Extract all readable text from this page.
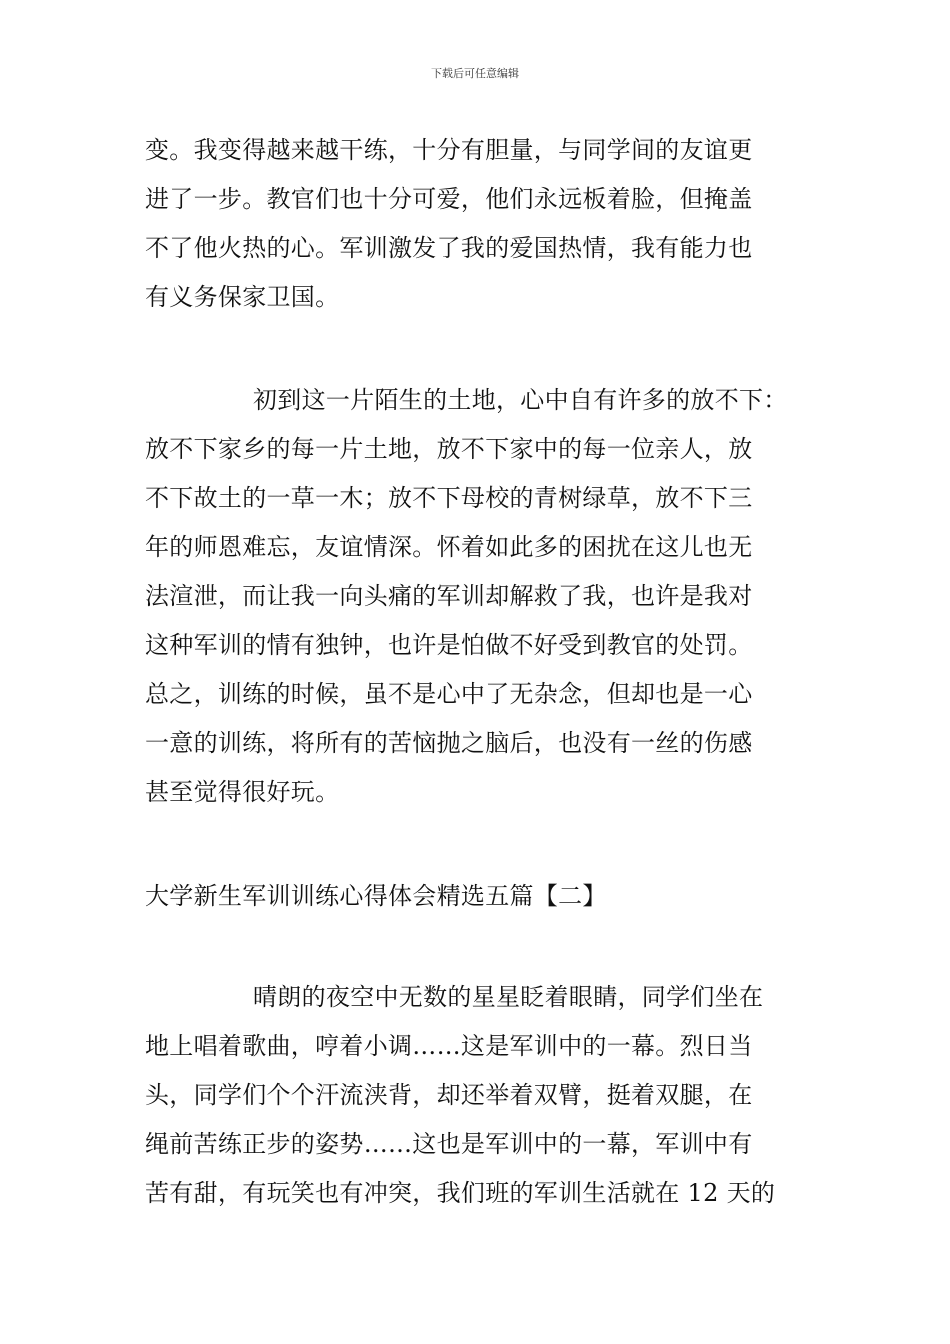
下载后可任意编辑
变。我变得越来越干练，十分有胆量，与同学间的友谊更
进了一步。教官们也十分可爱，他们永远板着脸，但掩盖
不了他火热的心。军训激发了我的爱国热情，我有能力也
有义务保家卫国。
初到这一片陌生的土地，心中自有许多的放不下：
放不下家乡的每一片土地，放不下家中的每一位亲人，放
不下故土的一草一木；放不下母校的青树绿草，放不下三
年的师恩难忘，友谊情深。怀着如此多的困扰在这儿也无
法渲泄，而让我一向头痛的军训却解救了我，也许是我对
这种军训的情有独钟，也许是怕做不好受到教官的处罚。
总之，训练的时候，虽不是心中了无杂念，但却也是一心
一意的训练，将所有的苦恼抛之脑后，也没有一丝的伤感
甚至觉得很好玩。
大学新生军训训练心得体会精选五篇【二】
晴朗的夜空中无数的星星眨着眼睛，同学们坐在
地上唱着歌曲，哼着小调……这是军训中的一幕。烈日当
头，同学们个个汗流浃背，却还举着双臂，挺着双腿，在
绳前苦练正步的姿势……这也是军训中的一幕，军训中有
苦有甜，有玩笑也有冲突，我们班的军训生活就在 12 天的
